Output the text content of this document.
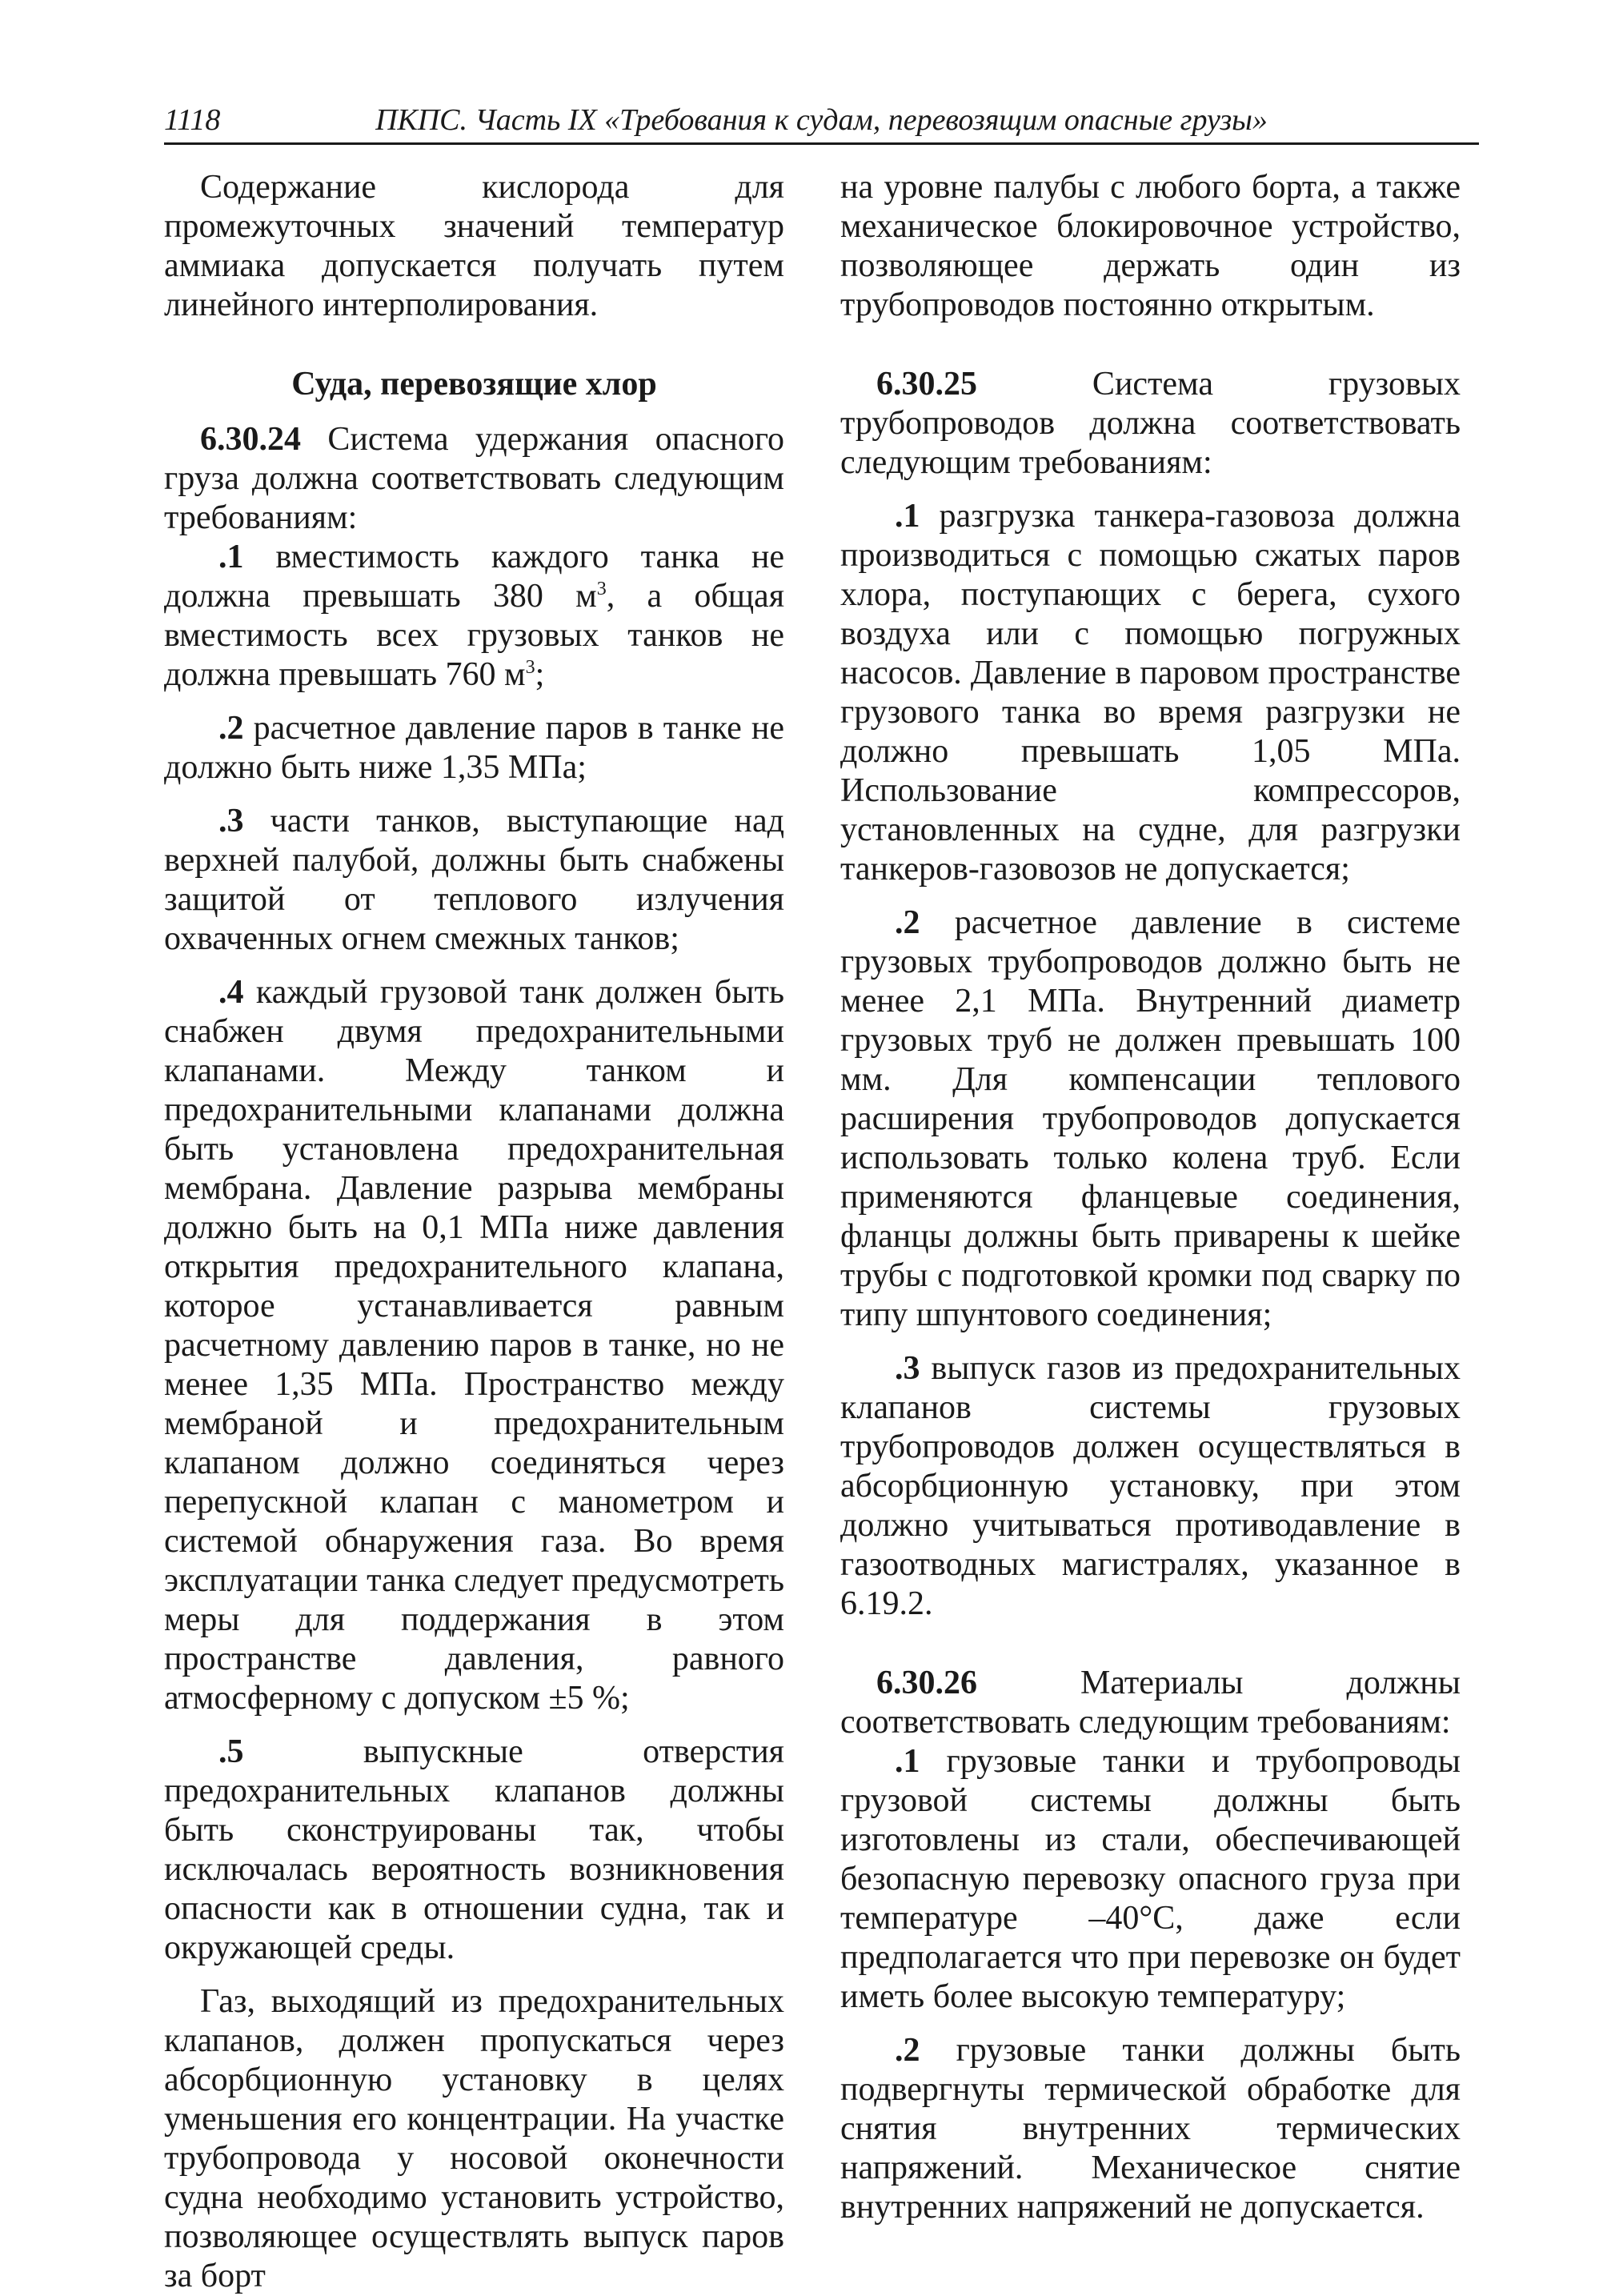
1118	ПКПС. Часть IX «Требования к судам, перевозящим опасные грузы»

Содержание кислорода для промежуточных значений температур аммиака допускается получать путем линейного интерполирования.

Суда, перевозящие хлор

6.30.24 Система удержания опасного груза должна соответствовать следующим требованиям:

.1 вместимость каждого танка не должна превышать 380 $м^3$, а общая вместимость всех грузовых танков не должна превышать 760 $м^3$;

.2 расчетное давление паров в танке не должно быть ниже 1,35 МПа;

.3 части танков, выступающие над верхней палубой, должны быть снабжены защитой от теплового излучения охваченных огнем смежных танков;

.4 каждый грузовой танк должен быть снабжен двумя предохранительными клапанами. Между танком и предохранительными клапанами должна быть установлена предохранительная мембрана. Давление разрыва мембраны должно быть на 0,1 МПа ниже давления открытия предохранительного клапана, которое устанавливается равным расчетному давлению паров в танке, но не менее 1,35 МПа. Пространство между мембраной и предохранительным клапаном должно соединяться через перепускной клапан с манометром и системой обнаружения газа. Во время эксплуатации танка следует предусмотреть меры для поддержания в этом пространстве давления, равного атмосферному с допуском ±5 %;

.5 выпускные отверстия предохранительных клапанов должны быть сконструированы так, чтобы исключалась вероятность возникновения опасности как в отношении судна, так и окружающей среды.

Газ, выходящий из предохранительных клапанов, должен пропускаться через абсорбционную установку в целях уменьшения его концентрации. На участке трубопровода у носовой оконечности судна необходимо установить устройство, позволяющее осуществлять выпуск паров за борт

на уровне палубы с любого борта, а также механическое блокировочное устройство, позволяющее держать один из трубопроводов постоянно открытым.

6.30.25 Система грузовых трубопроводов должна соответствовать следующим требованиям:

.1 разгрузка танкера-газовоза должна производиться с помощью сжатых паров хлора, поступающих с берега, сухого воздуха или с помощью погружных насосов. Давление в паровом пространстве грузового танка во время разгрузки не должно превышать 1,05 МПа. Использование компрессоров, установленных на судне, для разгрузки танкеров-газовозов не допускается;

.2 расчетное давление в системе грузовых трубопроводов должно быть не менее 2,1 МПа. Внутренний диаметр грузовых труб не должен превышать 100 мм. Для компенсации теплового расширения трубопроводов допускается использовать только колена труб. Если применяются фланцевые соединения, фланцы должны быть приварены к шейке трубы с подготовкой кромки под сварку по типу шпунтового соединения;

.3 выпуск газов из предохранительных клапанов системы грузовых трубопроводов должен осуществляться в абсорбционную установку, при этом должно учитываться противодавление в газоотводных магистралях, указанное в 6.19.2.

6.30.26 Материалы должны соответствовать следующим требованиям:

.1 грузовые танки и трубопроводы грузовой системы должны быть изготовлены из стали, обеспечивающей безопасную перевозку опасного груза при температуре –40°С, даже если предполагается что при перевозке он будет иметь более высокую температуру;

.2 грузовые танки должны быть подвергнуты термической обработке для снятия внутренних термических напряжений. Механическое снятие внутренних напряжений не допускается.
